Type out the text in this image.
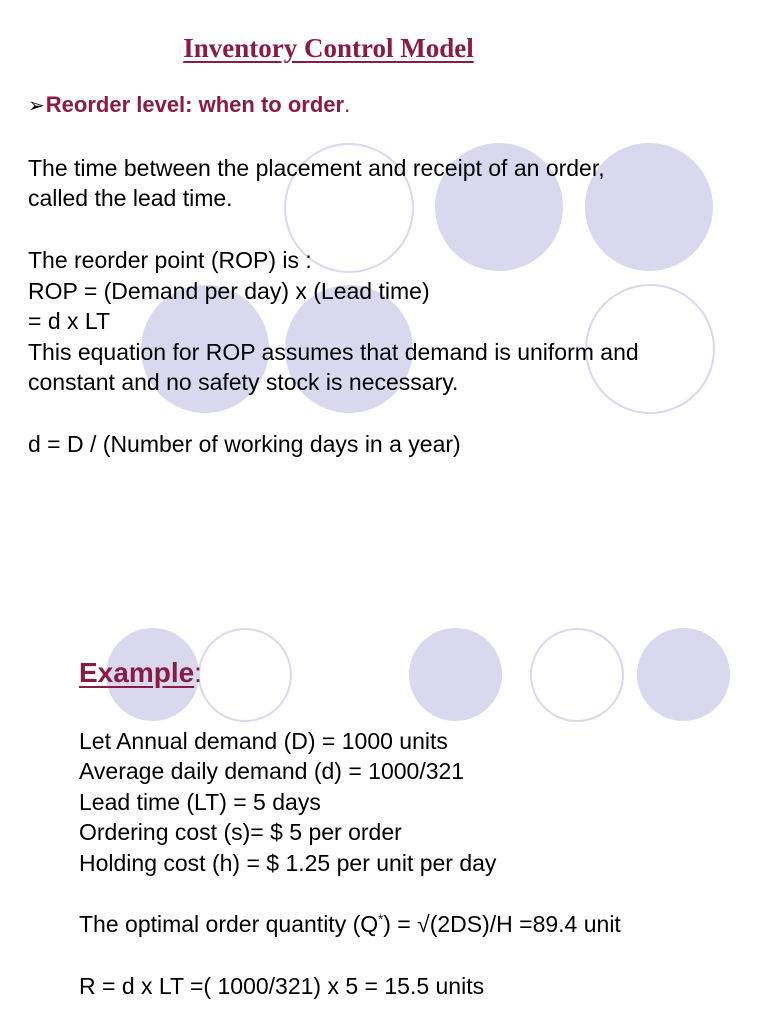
Inventory Control Model
➢Reorder level: when to order.
The time between the placement and receipt of an order,
called the lead time.
The reorder point (ROP) is :
ROP = (Demand per day) x (Lead time)
= d x LT
This equation for ROP assumes that demand is uniform and
constant and no safety stock is necessary.
d = D / (Number of working days in a year)
Example:
Let Annual demand (D) = 1000 units
Average daily demand (d) = 1000/321
Lead time (LT) = 5 days
Ordering cost (s)= $ 5 per order
Holding cost (h) = $ 1.25 per unit per day
The optimal order quantity (Q*) = √(2DS)/H =89.4 unit
R = d x LT =( 1000/321) x 5 = 15.5 units
